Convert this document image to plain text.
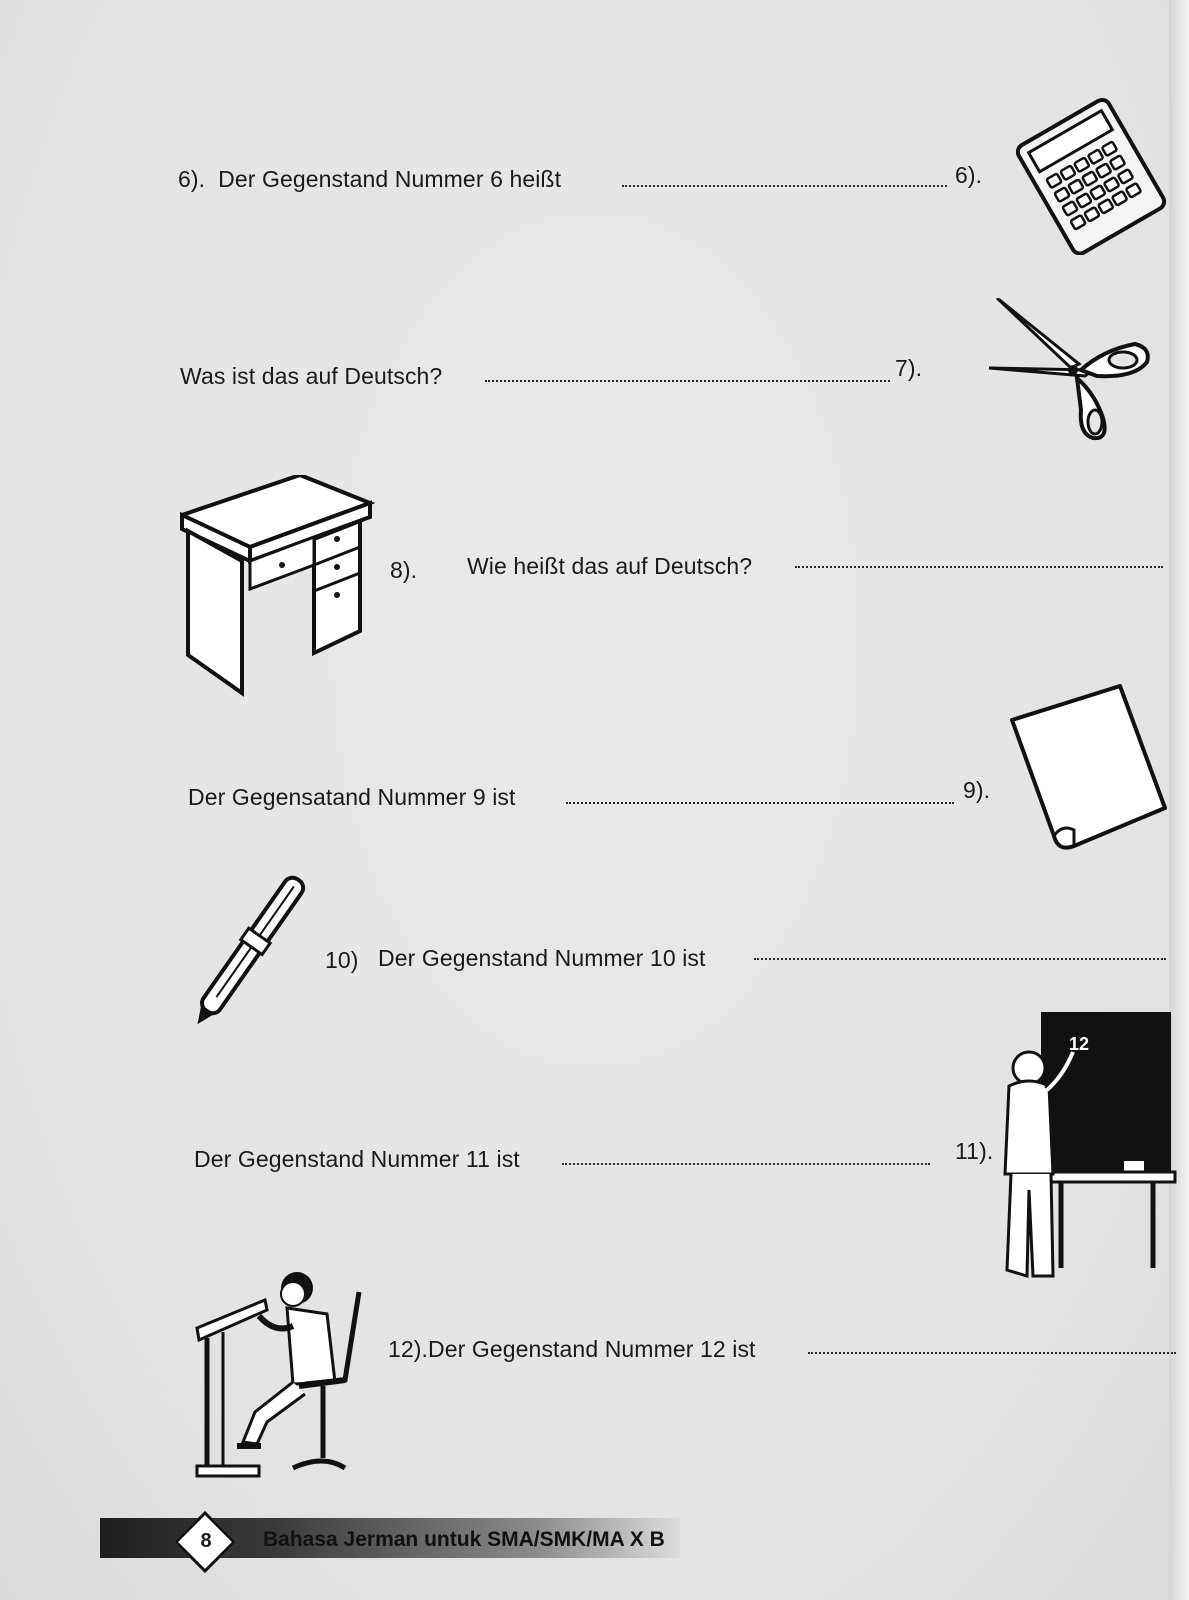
6). Der Gegenstand Nummer 6 heißt	6).
Was ist das auf Deutsch?	7).
8). Wie heißt das auf Deutsch?
Der Gegensatand Nummer 9 ist	9).
10) Der Gegenstand Nummer 10 ist
Der Gegenstand Nummer 11 ist	11).
12
12).Der Gegenstand Nummer 12 ist
8	Bahasa Jerman untuk SMA/SMK/MA X B
